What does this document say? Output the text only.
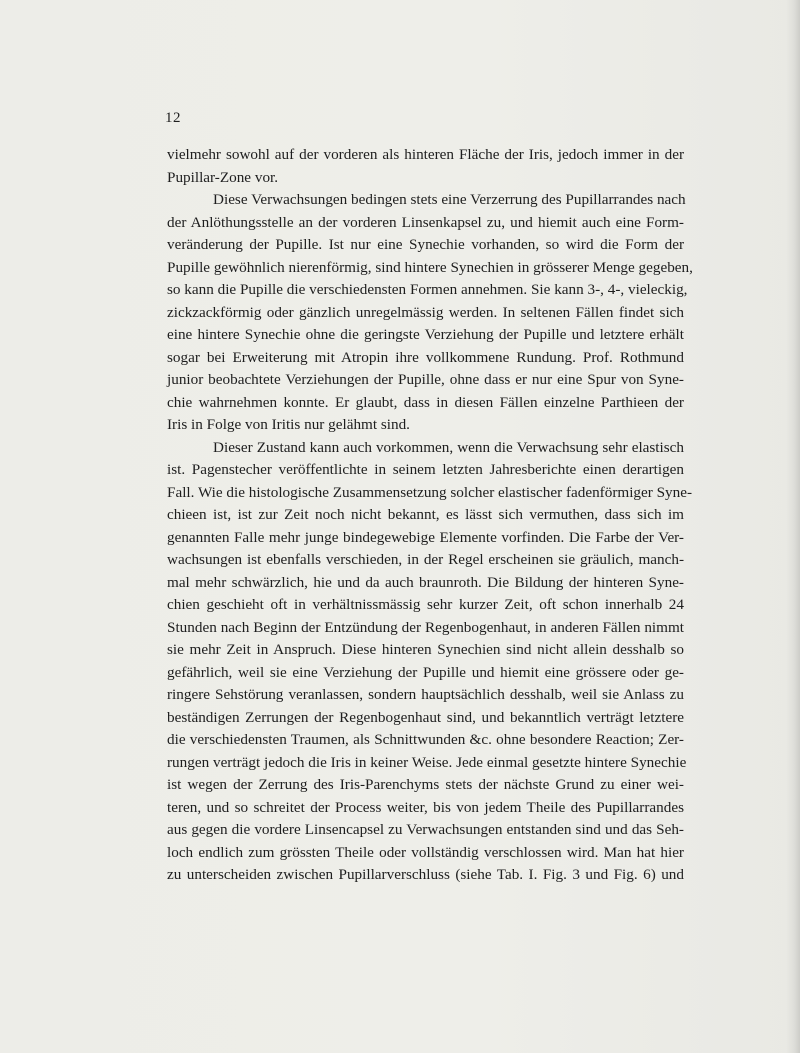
12
vielmehr sowohl auf der vorderen als hinteren Fläche der Iris, jedoch immer in der
Pupillar-Zone vor.
Diese Verwachsungen bedingen stets eine Verzerrung des Pupillarrandes nach
der Anlöthungsstelle an der vorderen Linsenkapsel zu, und hiemit auch eine Form-
veränderung der Pupille. Ist nur eine Synechie vorhanden, so wird die Form der
Pupille gewöhnlich nierenförmig, sind hintere Synechien in grösserer Menge gegeben,
so kann die Pupille die verschiedensten Formen annehmen. Sie kann 3-, 4-, vieleckig,
zickzackförmig oder gänzlich unregelmässig werden. In seltenen Fällen findet sich
eine hintere Synechie ohne die geringste Verziehung der Pupille und letztere erhält
sogar bei Erweiterung mit Atropin ihre vollkommene Rundung. Prof. Rothmund
junior beobachtete Verziehungen der Pupille, ohne dass er nur eine Spur von Syne-
chie wahrnehmen konnte. Er glaubt, dass in diesen Fällen einzelne Parthieen der
Iris in Folge von Iritis nur gelähmt sind.
Dieser Zustand kann auch vorkommen, wenn die Verwachsung sehr elastisch
ist. Pagenstecher veröffentlichte in seinem letzten Jahresberichte einen derartigen
Fall. Wie die histologische Zusammensetzung solcher elastischer fadenförmiger Syne-
chieen ist, ist zur Zeit noch nicht bekannt, es lässt sich vermuthen, dass sich im
genannten Falle mehr junge bindegewebige Elemente vorfinden. Die Farbe der Ver-
wachsungen ist ebenfalls verschieden, in der Regel erscheinen sie gräulich, manch-
mal mehr schwärzlich, hie und da auch braunroth. Die Bildung der hinteren Syne-
chien geschieht oft in verhältnissmässig sehr kurzer Zeit, oft schon innerhalb 24
Stunden nach Beginn der Entzündung der Regenbogenhaut, in anderen Fällen nimmt
sie mehr Zeit in Anspruch. Diese hinteren Synechien sind nicht allein desshalb so
gefährlich, weil sie eine Verziehung der Pupille und hiemit eine grössere oder ge-
ringere Sehstörung veranlassen, sondern hauptsächlich desshalb, weil sie Anlass zu
beständigen Zerrungen der Regenbogenhaut sind, und bekanntlich verträgt letztere
die verschiedensten Traumen, als Schnittwunden &c. ohne besondere Reaction; Zer-
rungen verträgt jedoch die Iris in keiner Weise. Jede einmal gesetzte hintere Synechie
ist wegen der Zerrung des Iris-Parenchyms stets der nächste Grund zu einer wei-
teren, und so schreitet der Process weiter, bis von jedem Theile des Pupillarrandes
aus gegen die vordere Linsencapsel zu Verwachsungen entstanden sind und das Seh-
loch endlich zum grössten Theile oder vollständig verschlossen wird. Man hat hier
zu unterscheiden zwischen Pupillarverschluss (siehe Tab. I. Fig. 3 und Fig. 6) und
